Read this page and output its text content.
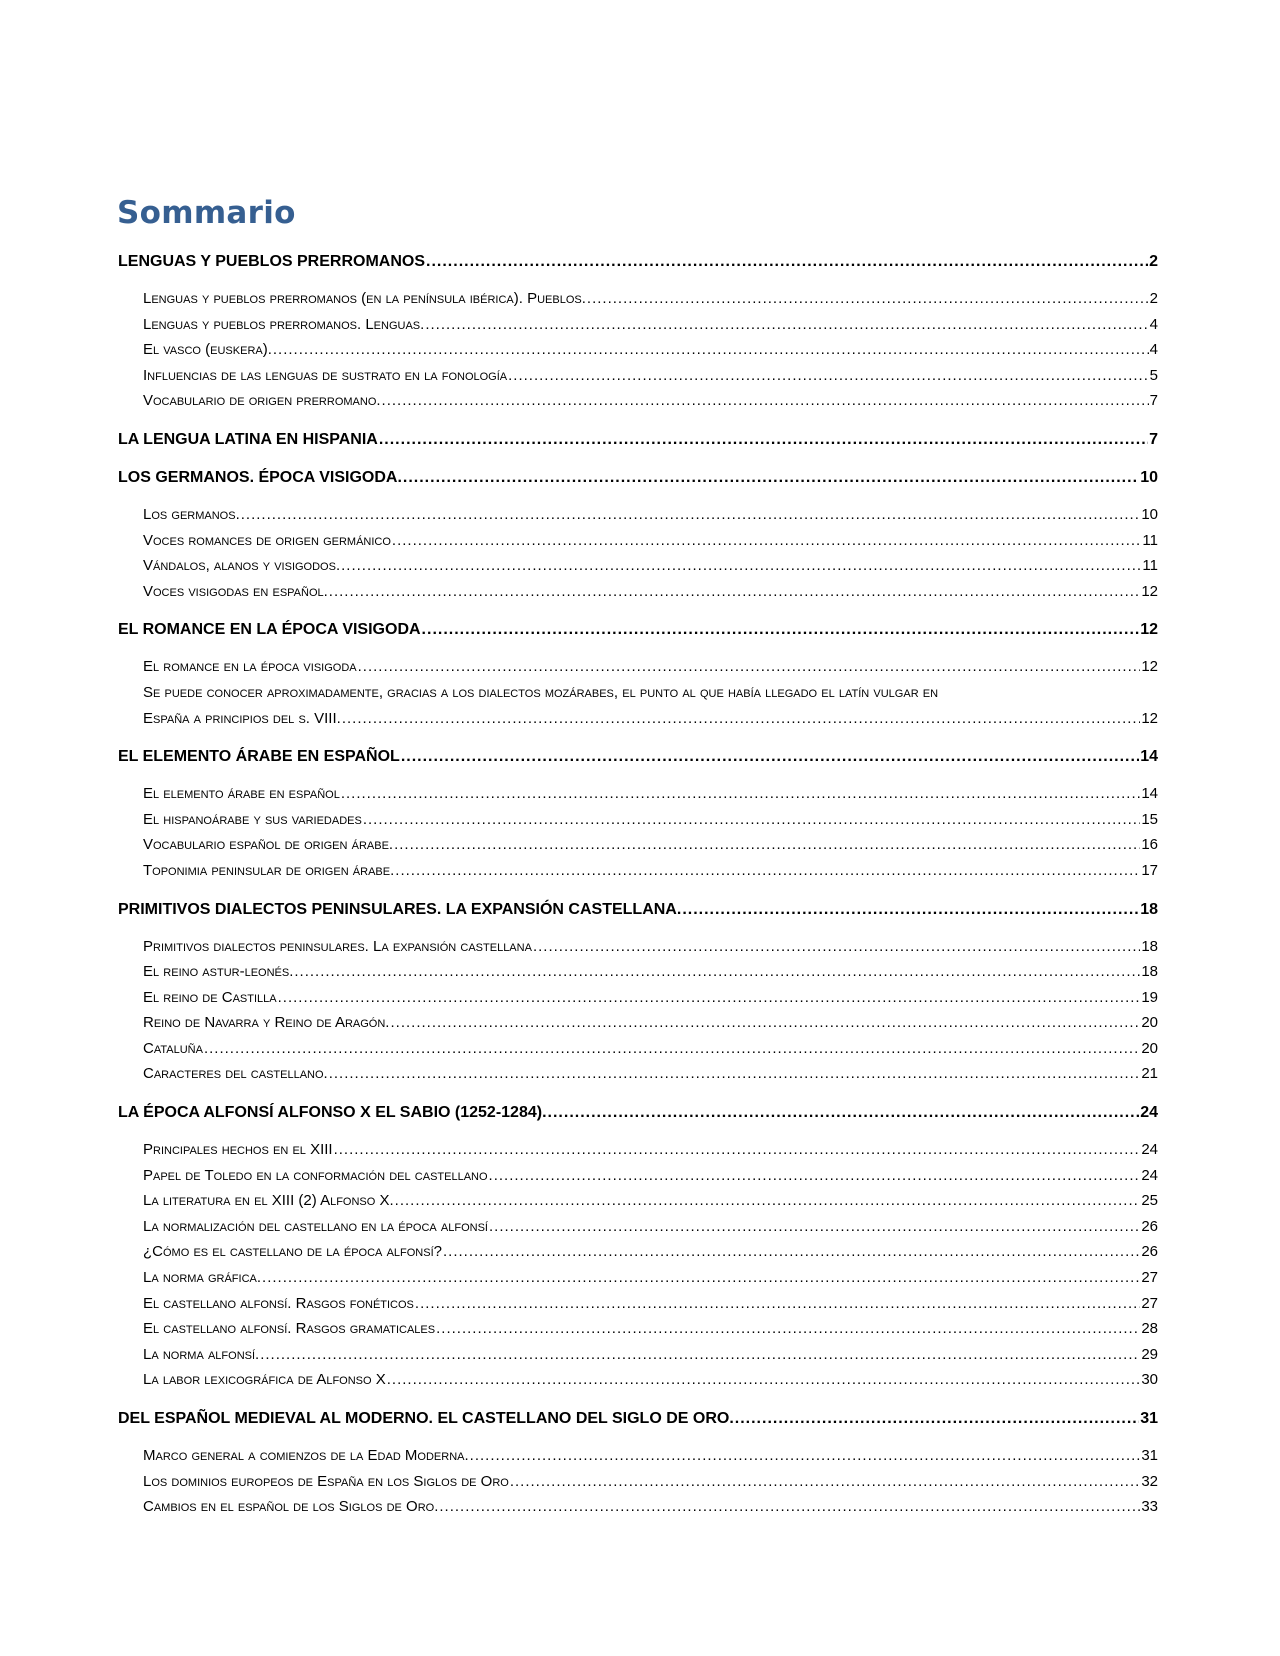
Sommario
LENGUAS Y PUEBLOS PRERROMANOS .....	2
Lenguas y pueblos prerromanos (en la península ibérica). Pueblos. .....	2
Lenguas y pueblos prerromanos. Lenguas. .....	4
El vasco (euskera). .....	4
Influencias de las lenguas de sustrato en la fonología .....	5
Vocabulario de origen prerromano. .....	7
LA LENGUA LATINA EN HISPANIA .....	7
LOS GERMANOS. ÉPOCA VISIGODA. .....	10
Los germanos. .....	10
Voces romances de origen germánico .....	11
Vándalos, alanos y visigodos. .....	11
Voces visigodas en español. .....	12
EL ROMANCE EN LA ÉPOCA VISIGODA .....	12
El romance en la época visigoda .....	12
Se puede conocer aproximadamente, gracias a los dialectos mozárabes, el punto al que había llegado el latín vulgar en
España a principios del s. VIII. .....	12
EL ELEMENTO ÁRABE EN ESPAÑOL .....	14
El elemento árabe en español .....	14
El hispanoárabe y sus variedades .....	15
Vocabulario español de origen árabe. .....	16
Toponimia peninsular de origen árabe. .....	17
PRIMITIVOS DIALECTOS PENINSULARES. LA EXPANSIÓN CASTELLANA. .....	18
Primitivos dialectos peninsulares. La expansión castellana .....	18
El reino astur-leonés. .....	18
El reino de Castilla .....	19
Reino de Navarra y Reino de Aragón. .....	20
Cataluña .....	20
Caracteres del castellano. .....	21
LA ÉPOCA ALFONSÍ ALFONSO X EL SABIO (1252-1284). .....	24
Principales hechos en el XIII .....	24
Papel de Toledo en la conformación del castellano .....	24
La literatura en el XIII (2) Alfonso X. .....	25
La normalización del castellano en la época alfonsí .....	26
¿Cómo es el castellano de la época alfonsí? .....	26
La norma gráfica. .....	27
El castellano alfonsí. Rasgos fonéticos .....	27
El castellano alfonsí. Rasgos gramaticales .....	28
La norma alfonsí. .....	29
La labor lexicográfica de Alfonso X .....	30
DEL ESPAÑOL MEDIEVAL AL MODERNO. EL CASTELLANO DEL SIGLO DE ORO. .....	31
Marco general a comienzos de la Edad Moderna. .....	31
Los dominios europeos de España en los Siglos de Oro .....	32
Cambios en el español de los Siglos de Oro. .....	33
